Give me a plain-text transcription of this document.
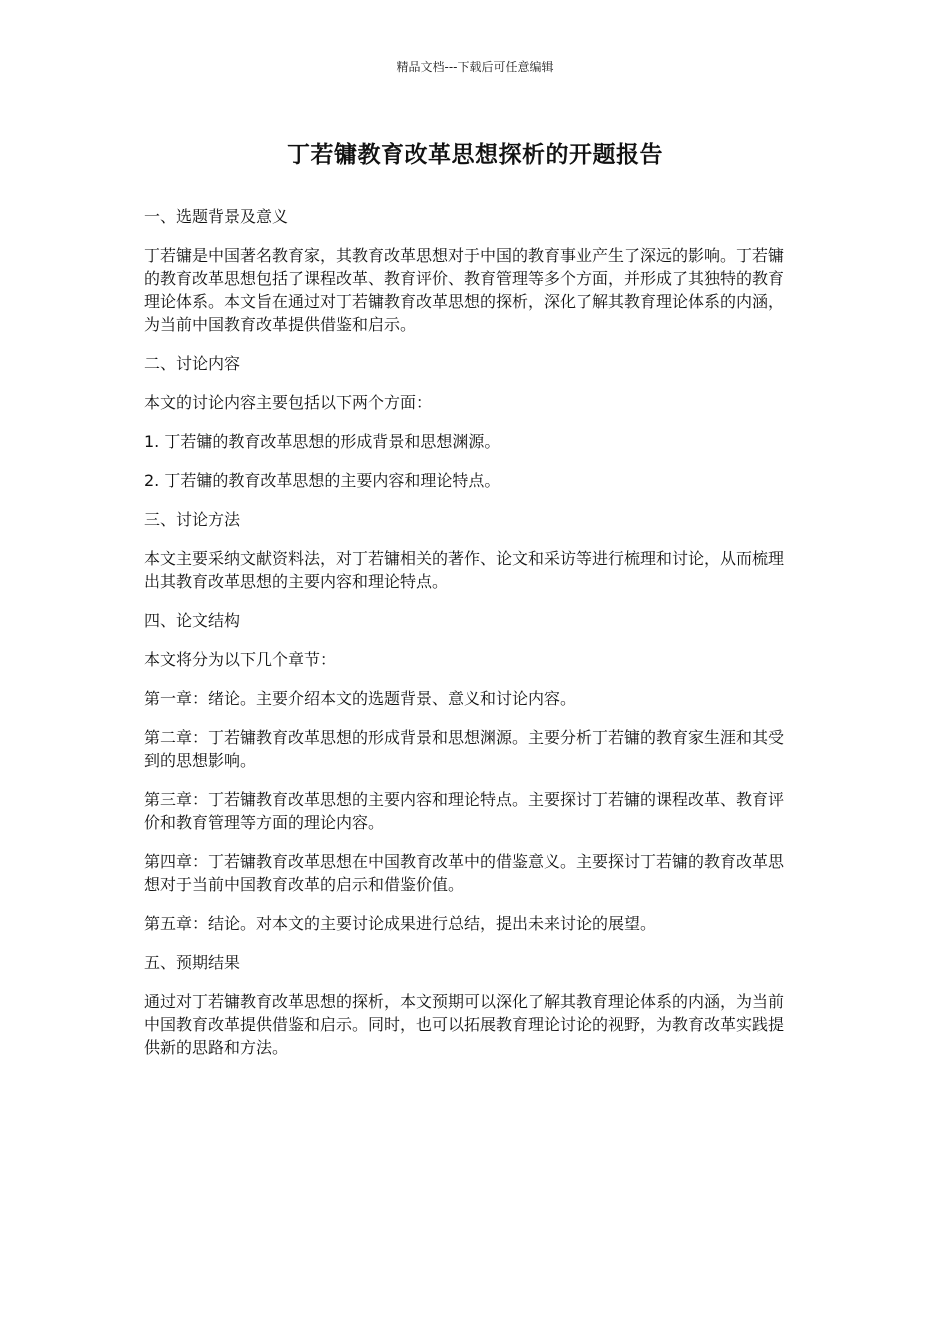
精品文档---下载后可任意编辑
丁若镛教育改革思想探析的开题报告

一、选题背景及意义

丁若镛是中国著名教育家，其教育改革思想对于中国的教育事业产生了深远的影响。丁若镛的教育改革思想包括了课程改革、教育评价、教育管理等多个方面，并形成了其独特的教育理论体系。本文旨在通过对丁若镛教育改革思想的探析，深化了解其教育理论体系的内涵，为当前中国教育改革提供借鉴和启示。

二、讨论内容

本文的讨论内容主要包括以下两个方面：

1. 丁若镛的教育改革思想的形成背景和思想渊源。

2. 丁若镛的教育改革思想的主要内容和理论特点。

三、讨论方法

本文主要采纳文献资料法，对丁若镛相关的著作、论文和采访等进行梳理和讨论，从而梳理出其教育改革思想的主要内容和理论特点。

四、论文结构

本文将分为以下几个章节：

第一章：绪论。主要介绍本文的选题背景、意义和讨论内容。

第二章：丁若镛教育改革思想的形成背景和思想渊源。主要分析丁若镛的教育家生涯和其受到的思想影响。

第三章：丁若镛教育改革思想的主要内容和理论特点。主要探讨丁若镛的课程改革、教育评价和教育管理等方面的理论内容。

第四章：丁若镛教育改革思想在中国教育改革中的借鉴意义。主要探讨丁若镛的教育改革思想对于当前中国教育改革的启示和借鉴价值。

第五章：结论。对本文的主要讨论成果进行总结，提出未来讨论的展望。

五、预期结果

通过对丁若镛教育改革思想的探析，本文预期可以深化了解其教育理论体系的内涵，为当前中国教育改革提供借鉴和启示。同时，也可以拓展教育理论讨论的视野，为教育改革实践提供新的思路和方法。
